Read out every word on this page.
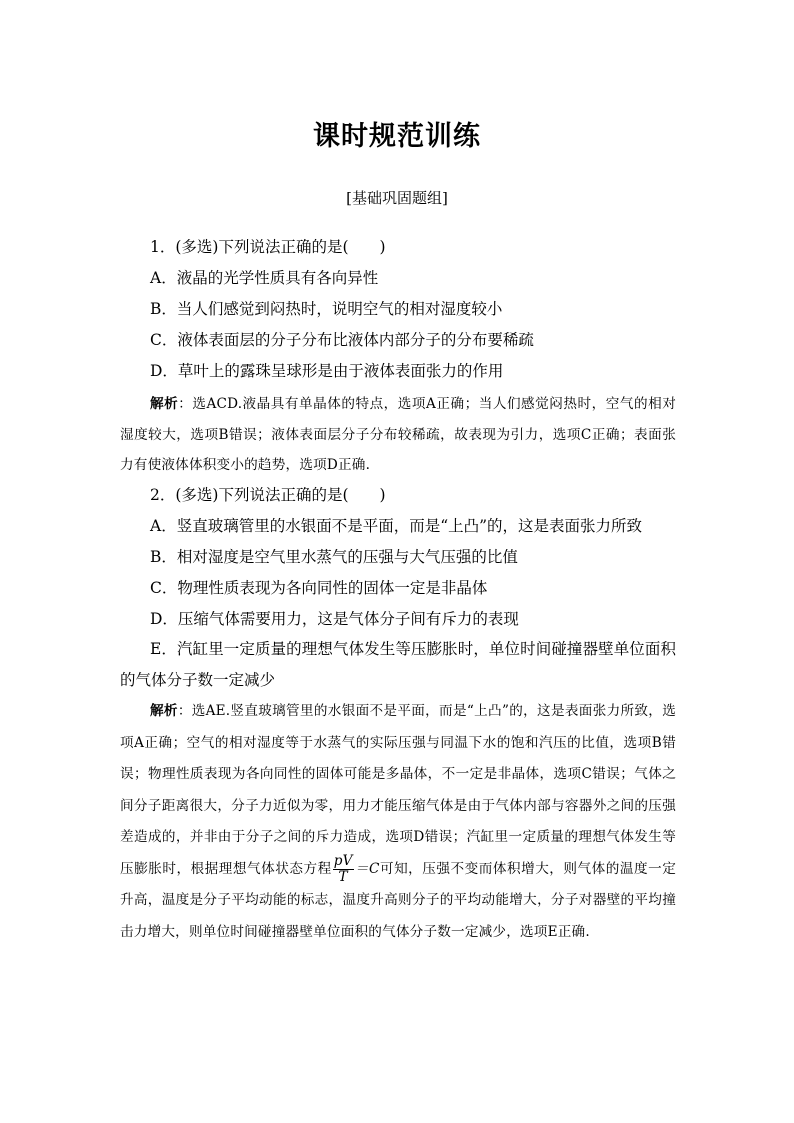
课时规范训练
[基础巩固题组]
1．(多选)下列说法正确的是(　　)
A．液晶的光学性质具有各向异性
B．当人们感觉到闷热时，说明空气的相对湿度较小
C．液体表面层的分子分布比液体内部分子的分布要稀疏
D．草叶上的露珠呈球形是由于液体表面张力的作用
解析：选ACD.液晶具有单晶体的特点，选项A正确；当人们感觉闷热时，空气的相对湿度较大，选项B错误；液体表面层分子分布较稀疏，故表现为引力，选项C正确；表面张力有使液体体积变小的趋势，选项D正确.
2．(多选)下列说法正确的是(　　)
A．竖直玻璃管里的水银面不是平面，而是“上凸”的，这是表面张力所致
B．相对湿度是空气里水蒸气的压强与大气压强的比值
C．物理性质表现为各向同性的固体一定是非晶体
D．压缩气体需要用力，这是气体分子间有斥力的表现
E．汽缸里一定质量的理想气体发生等压膨胀时，单位时间碰撞器壁单位面积的气体分子数一定减少
解析：选AE.竖直玻璃管里的水银面不是平面，而是“上凸”的，这是表面张力所致，选项A正确；空气的相对湿度等于水蒸气的实际压强与同温下水的饱和汽压的比值，选项B错误；物理性质表现为各向同性的固体可能是多晶体，不一定是非晶体，选项C错误；气体之间分子距离很大，分子力近似为零，用力才能压缩气体是由于气体内部与容器外之间的压强差造成的，并非由于分子之间的斥力造成，选项D错误；汽缸里一定质量的理想气体发生等压膨胀时，根据理想气体状态方程 $\frac{pV}{T} =C$可知，压强不变而体积增大，则气体的温度一定升高，温度是分子平均动能的标志，温度升高则分子的平均动能增大，分子对器壁的平均撞击力增大，则单位时间碰撞器壁单位面积的气体分子数一定减少，选项E正确.
